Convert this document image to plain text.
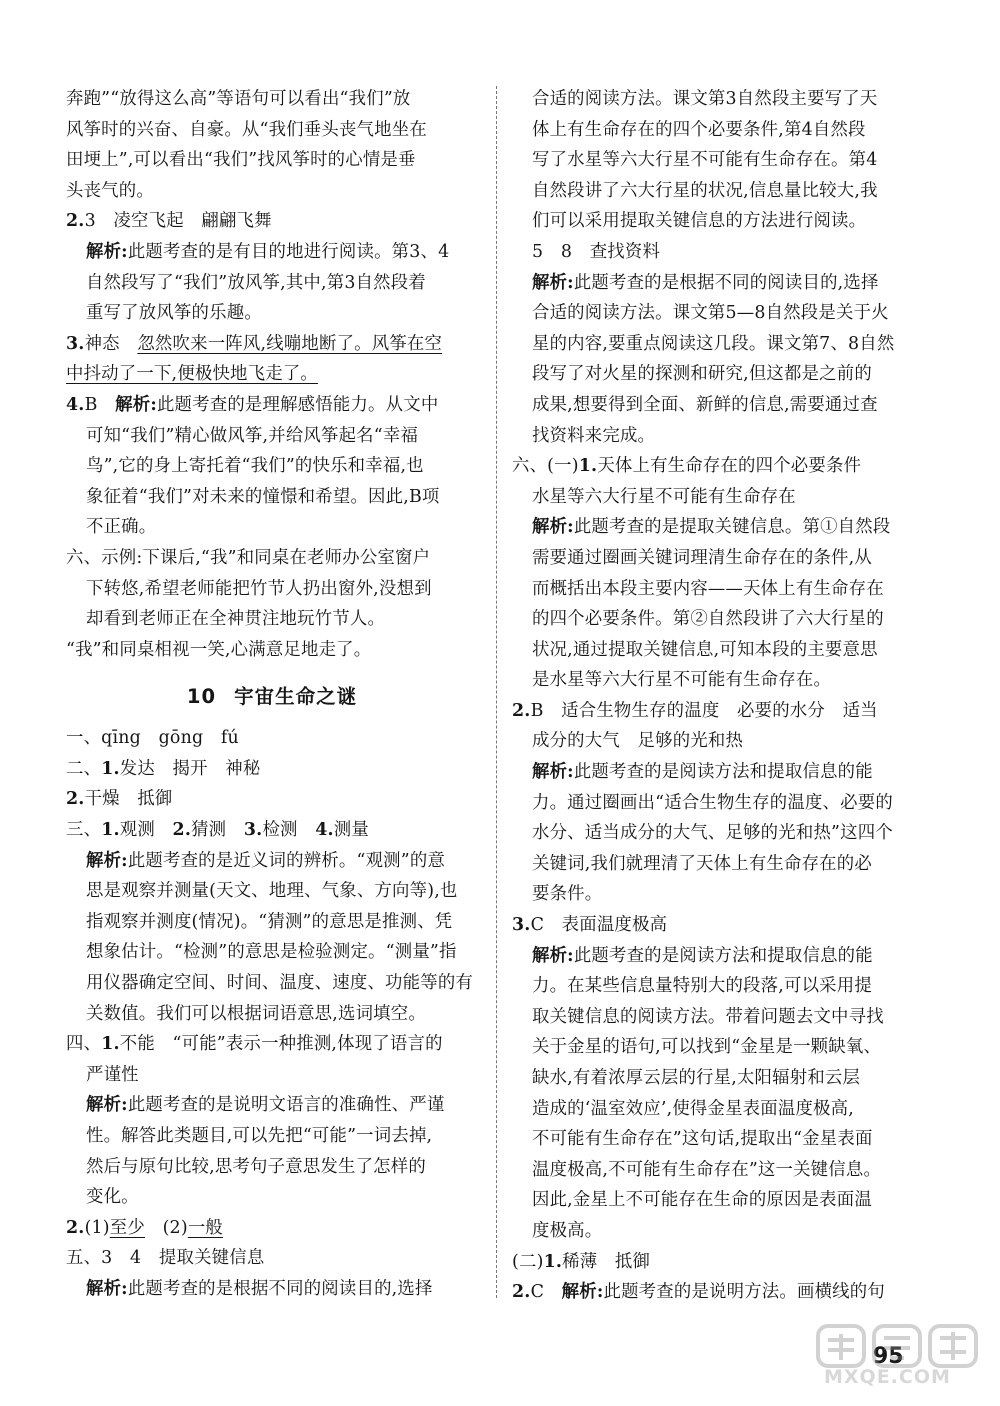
奔跑”“放得这么高”等语句可以看出“我们”放
风筝时的兴奋、自豪。从“我们垂头丧气地坐在
田埂上”,可以看出“我们”找风筝时的心情是垂
头丧气的。
2.3　凌空飞起　翩翩飞舞
解析:此题考查的是有目的地进行阅读。第3、4
自然段写了“我们”放风筝,其中,第3自然段着
重写了放风筝的乐趣。
3.神态　忽然吹来一阵风,线嘣地断了。风筝在空
中抖动了一下,便极快地飞走了。
4.B　解析:此题考查的是理解感悟能力。从文中
可知“我们”精心做风筝,并给风筝起名“幸福
鸟”,它的身上寄托着“我们”的快乐和幸福,也
象征着“我们”对未来的憧憬和希望。因此,B项
不正确。
六、示例:下课后,“我”和同桌在老师办公室窗户
下转悠,希望老师能把竹节人扔出窗外,没想到
却看到老师正在全神贯注地玩竹节人。
“我”和同桌相视一笑,心满意足地走了。
10 宇宙生命之谜
一、qīng　gōng　fú
二、1.发达　揭开　神秘
2.干燥　抵御
三、1.观测　2.猜测　3.检测　4.测量
解析:此题考查的是近义词的辨析。“观测”的意
思是观察并测量(天文、地理、气象、方向等),也
指观察并测度(情况)。“猜测”的意思是推测、凭
想象估计。“检测”的意思是检验测定。“测量”指
用仪器确定空间、时间、温度、速度、功能等的有
关数值。我们可以根据词语意思,选词填空。
四、1.不能　“可能”表示一种推测,体现了语言的
严谨性
解析:此题考查的是说明文语言的准确性、严谨
性。解答此类题目,可以先把“可能”一词去掉,
然后与原句比较,思考句子意思发生了怎样的
变化。
2.(1)至少　(2)一般
五、3　4　提取关键信息
解析:此题考查的是根据不同的阅读目的,选择
合适的阅读方法。课文第3自然段主要写了天
体上有生命存在的四个必要条件,第4自然段
写了水星等六大行星不可能有生命存在。第4
自然段讲了六大行星的状况,信息量比较大,我
们可以采用提取关键信息的方法进行阅读。
5　8　查找资料
解析:此题考查的是根据不同的阅读目的,选择
合适的阅读方法。课文第5—8自然段是关于火
星的内容,要重点阅读这几段。课文第7、8自然
段写了对火星的探测和研究,但这都是之前的
成果,想要得到全面、新鲜的信息,需要通过查
找资料来完成。
六、(一)1.天体上有生命存在的四个必要条件
水星等六大行星不可能有生命存在
解析:此题考查的是提取关键信息。第①自然段
需要通过圈画关键词理清生命存在的条件,从
而概括出本段主要内容——天体上有生命存在
的四个必要条件。第②自然段讲了六大行星的
状况,通过提取关键信息,可知本段的主要意思
是水星等六大行星不可能有生命存在。
2.B　适合生物生存的温度　必要的水分　适当
成分的大气　足够的光和热
解析:此题考查的是阅读方法和提取信息的能
力。通过圈画出“适合生物生存的温度、必要的
水分、适当成分的大气、足够的光和热”这四个
关键词,我们就理清了天体上有生命存在的必
要条件。
3.C　表面温度极高
解析:此题考查的是阅读方法和提取信息的能
力。在某些信息量特别大的段落,可以采用提
取关键信息的阅读方法。带着问题去文中寻找
关于金星的语句,可以找到“金星是一颗缺氧、
缺水,有着浓厚云层的行星,太阳辐射和云层
造成的‘温室效应’,使得金星表面温度极高,
不可能有生命存在”这句话,提取出“金星表面
温度极高,不可能有生命存在”这一关键信息。
因此,金星上不可能存在生命的原因是表面温
度极高。
(二)1.稀薄　抵御
2.C　解析:此题考查的是说明方法。画横线的句
95
MXQE.COM
